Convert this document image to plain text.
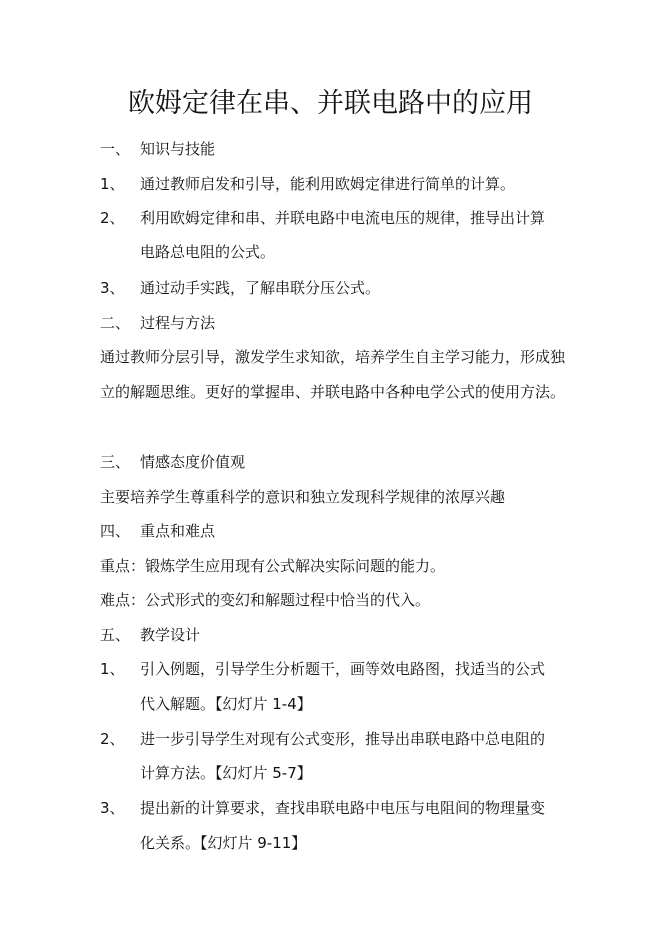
欧姆定律在串、并联电路中的应用
一、 知识与技能
1、 通过教师启发和引导，能利用欧姆定律进行简单的计算。
2、 利用欧姆定律和串、并联电路中电流电压的规律，推导出计算
电路总电阻的公式。
3、 通过动手实践，了解串联分压公式。
二、 过程与方法
通过教师分层引导，激发学生求知欲，培养学生自主学习能力，形成独立的解题思维。更好的掌握串、并联电路中各种电学公式的使用方法。
三、 情感态度价值观
主要培养学生尊重科学的意识和独立发现科学规律的浓厚兴趣
四、 重点和难点
重点：锻炼学生应用现有公式解决实际问题的能力。
难点：公式形式的变幻和解题过程中恰当的代入。
五、 教学设计
1、 引入例题，引导学生分析题干，画等效电路图，找适当的公式
代入解题。【幻灯片 1-4】
2、 进一步引导学生对现有公式变形，推导出串联电路中总电阻的
计算方法。【幻灯片 5-7】
3、 提出新的计算要求，查找串联电路中电压与电阻间的物理量变
化关系。【幻灯片 9-11】
